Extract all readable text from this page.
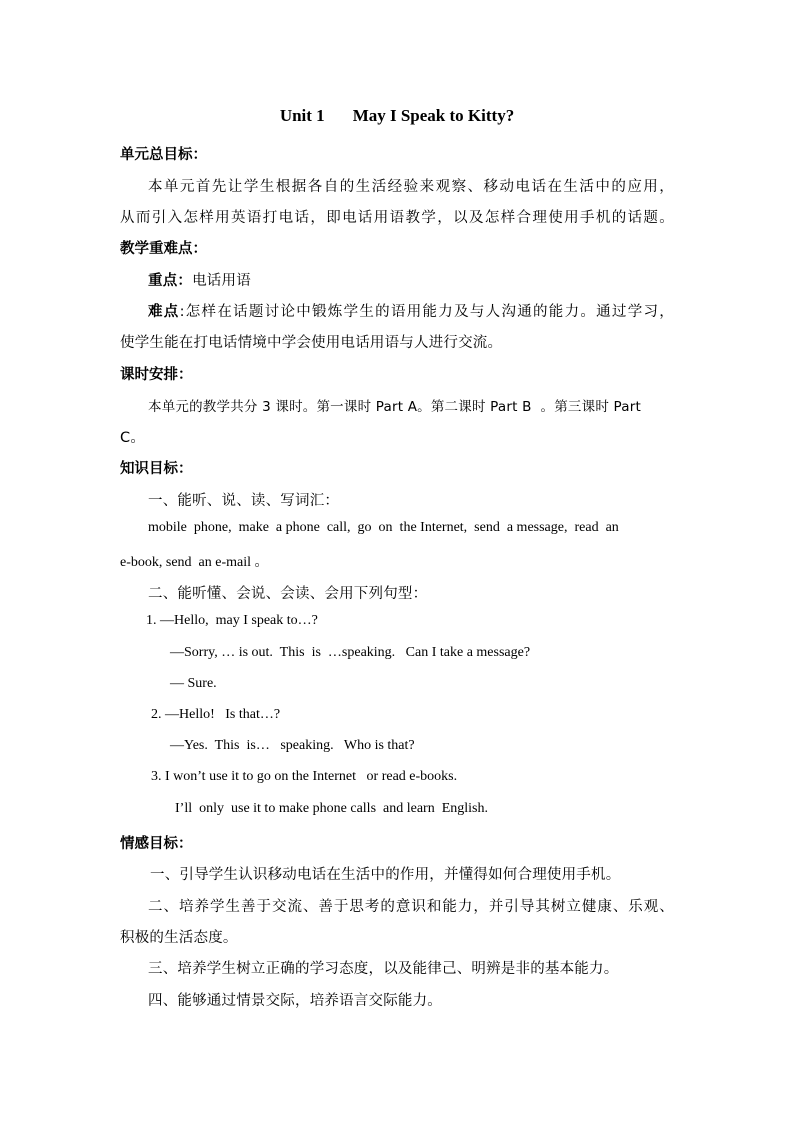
Unit 1 May I Speak to Kitty?
单元总目标：
本单元首先让学生根据各自的生活经验来观察、移动电话在生活中的应用，
从而引入怎样用英语打电话，即电话用语教学，以及怎样合理使用手机的话题。
教学重难点：
重点：电话用语
难点:怎样在话题讨论中锻炼学生的语用能力及与人沟通的能力。通过学习，
使学生能在打电话情境中学会使用电话用语与人进行交流。
课时安排：
本单元的教学共分 3 课时。第一课时 Part A。第二课时 Part B  。第三课时 Part
C。
知识目标：
一、能听、说、读、写词汇：
mobile  phone,  make  a phone  call,  go  on  the Internet,  send  a message,  read  an
e-book, send  an e-mail 。
二、能听懂、会说、会读、会用下列句型：
1. —Hello,  may I speak to…?
—Sorry, … is out.  This  is  …speaking.   Can I take a message?
— Sure.
2. —Hello!   Is that…?
—Yes.  This  is…   speaking.   Who is that?
3. I won’t use it to go on the Internet   or read e-books.
I’ll  only  use it to make phone calls  and learn  English.
情感目标：
一、引导学生认识移动电话在生活中的作用，并懂得如何合理使用手机。
二、培养学生善于交流、善于思考的意识和能力，并引导其树立健康、乐观、
积极的生活态度。
三、培养学生树立正确的学习态度，以及能律己、明辨是非的基本能力。
四、能够通过情景交际，培养语言交际能力。
